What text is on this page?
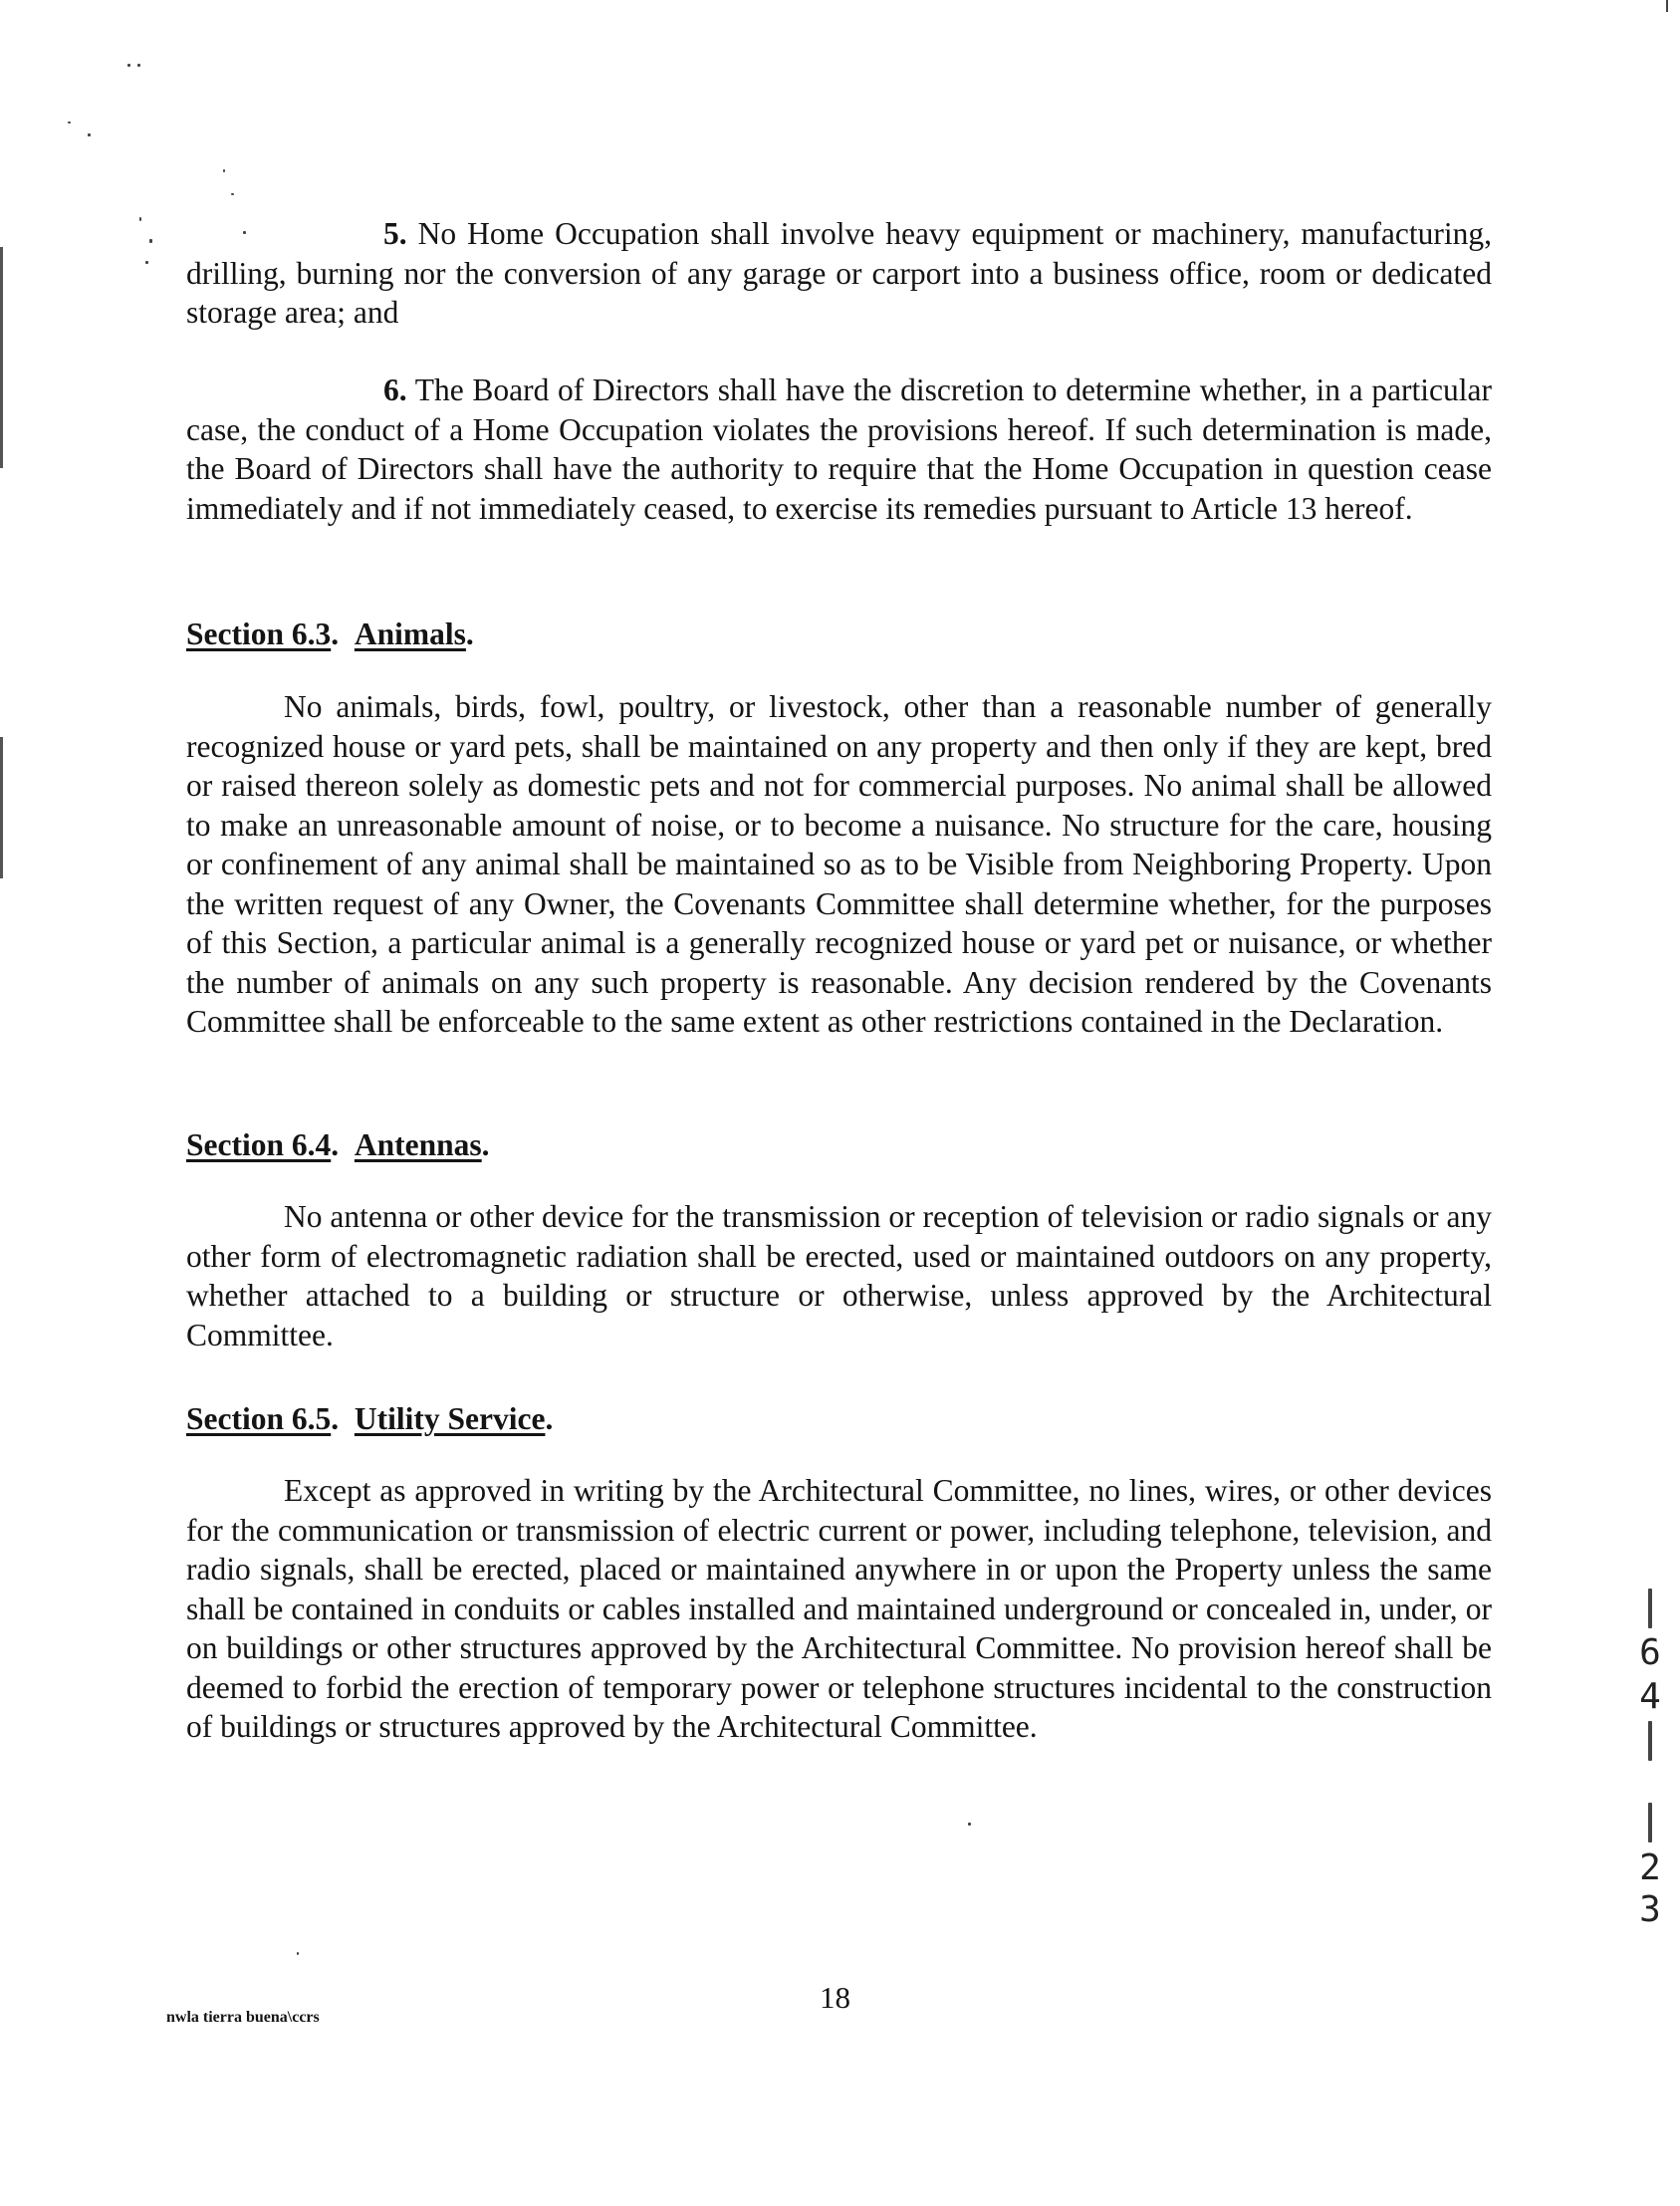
5. No Home Occupation shall involve heavy equipment or machinery, manufacturing, drilling, burning nor the conversion of any garage or carport into a business office, room or dedicated storage area; and

6. The Board of Directors shall have the discretion to determine whether, in a particular case, the conduct of a Home Occupation violates the provisions hereof. If such determination is made, the Board of Directors shall have the authority to require that the Home Occupation in question cease immediately and if not immediately ceased, to exercise its remedies pursuant to Article 13 hereof.

Section 6.3.  Animals.

No animals, birds, fowl, poultry, or livestock, other than a reasonable number of generally recognized house or yard pets, shall be maintained on any property and then only if they are kept, bred or raised thereon solely as domestic pets and not for commercial purposes. No animal shall be allowed to make an unreasonable amount of noise, or to become a nuisance. No structure for the care, housing or confinement of any animal shall be maintained so as to be Visible from Neighboring Property. Upon the written request of any Owner, the Covenants Committee shall determine whether, for the purposes of this Section, a particular animal is a generally recognized house or yard pet or nuisance, or whether the number of animals on any such property is reasonable. Any decision rendered by the Covenants Committee shall be enforceable to the same extent as other restrictions contained in the Declaration.

Section 6.4.  Antennas.

No antenna or other device for the transmission or reception of television or radio signals or any other form of electromagnetic radiation shall be erected, used or maintained outdoors on any property, whether attached to a building or structure or otherwise, unless approved by the Architectural Committee.

Section 6.5.  Utility Service.

Except as approved in writing by the Architectural Committee, no lines, wires, or other devices for the communication or transmission of electric current or power, including telephone, television, and radio signals, shall be erected, placed or maintained anywhere in or upon the Property unless the same shall be contained in conduits or cables installed and maintained underground or concealed in, under, or on buildings or other structures approved by the Architectural Committee. No provision hereof shall be deemed to forbid the erection of temporary power or telephone structures incidental to the construction of buildings or structures approved by the Architectural Committee.

nwla tierra buena\ccrs

18

6

4

2

3
